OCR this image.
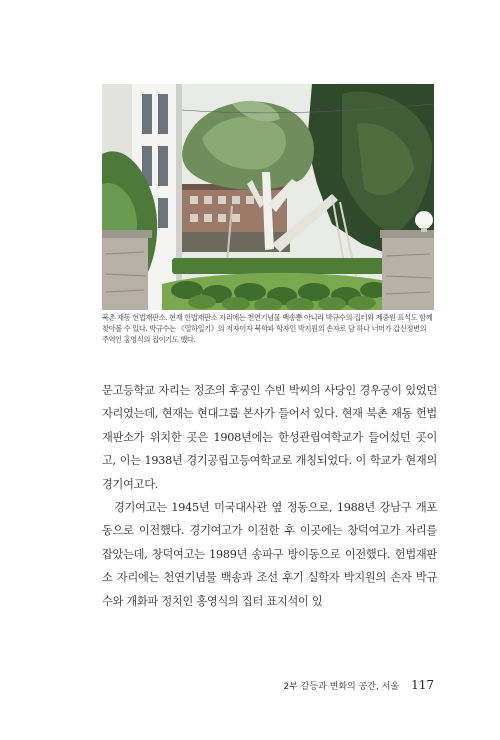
북촌 재동 헌법재판소. 현재 헌법재판소 자리에는 천연기념물 백송뿐 아니라 박규수의 집터와 제중원 표석도 함께 찾아볼 수 있다. 박규수는 《열하일기》의 저자이자 북학파 학자인 박지원의 손자로 담 하나 너머가 갑신정변의 주역인 홍영식의 집이기도 했다.

문고등학교 자리는 정조의 후궁인 수빈 박씨의 사당인 경우궁이 있었던 자리였는데, 현재는 현대그룹 본사가 들어서 있다. 현재 북촌 재동 헌법재판소가 위치한 곳은 1908년에는 한성관립여학교가 들어섰던 곳이고, 이는 1938년 경기공립고등여학교로 개칭되었다. 이 학교가 현재의 경기여고다.

경기여고는 1945년 미국대사관 옆 정동으로, 1988년 강남구 개포동으로 이전했다. 경기여고가 이전한 후 이곳에는 창덕여고가 자리를 잡았는데, 창덕여고는 1989년 송파구 방이동으로 이전했다. 헌법재판소 자리에는 천연기념물 백송과 조선 후기 실학자 박지원의 손자 박규수와 개화파 정치인 홍영식의 집터 표지석이 있

2부 갈등과 변화의 공간, 서울 117
